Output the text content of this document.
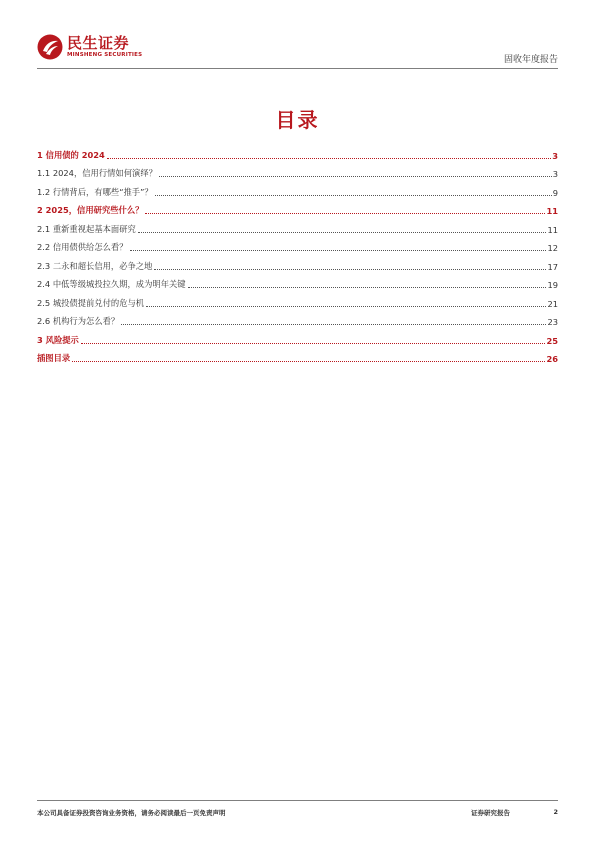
民生证券
MINSHENG SECURITIES	固收年度报告
目录
1 信用债的 2024	3
1.1 2024，信用行情如何演绎？	3
1.2 行情背后，有哪些“推手”？	9
2 2025，信用研究些什么？	11
2.1 重新重视起基本面研究	11
2.2 信用债供给怎么看？	12
2.3 二永和超长信用，必争之地	17
2.4 中低等级城投拉久期，成为明年关键	19
2.5 城投债提前兑付的危与机	21
2.6 机构行为怎么看？	23
3 风险提示	25
插图目录	26
本公司具备证券投资咨询业务资格，请务必阅读最后一页免责声明	证券研究报告	2
